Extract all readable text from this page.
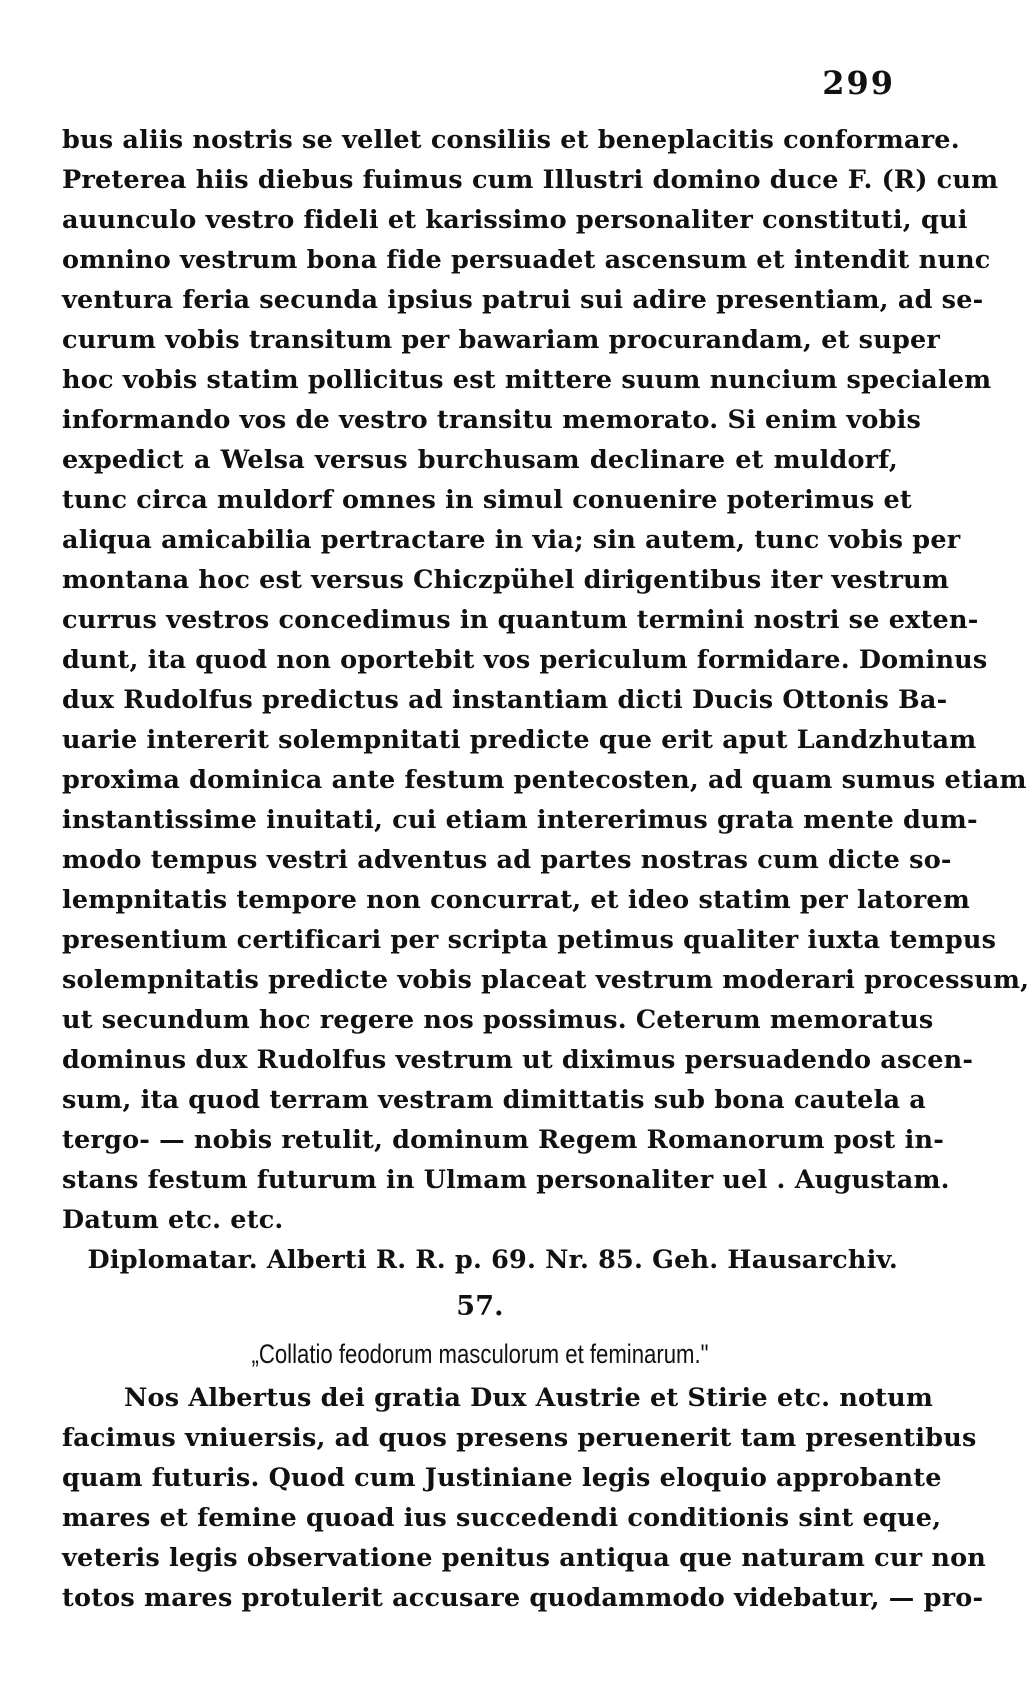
299
bus aliis nostris se vellet consiliis et beneplacitis conformare.
Preterea hiis diebus fuimus cum Illustri domino duce F. (R) cum
auunculo vestro fideli et karissimo personaliter constituti, qui
omnino vestrum bona fide persuadet ascensum et intendit nunc
ventura feria secunda ipsius patrui sui adire presentiam, ad se-
curum vobis transitum per bawariam procurandam, et super
hoc vobis statim pollicitus est mittere suum nuncium specialem
informando vos de vestro transitu memorato. Si enim vobis
expedict a Welsa versus burchusam declinare et muldorf,
tunc circa muldorf omnes in simul conuenire poterimus et
aliqua amicabilia pertractare in via; sin autem, tunc vobis per
montana hoc est versus Chiczpühel dirigentibus iter vestrum
currus vestros concedimus in quantum termini nostri se exten-
dunt, ita quod non oportebit vos periculum formidare. Dominus
dux Rudolfus predictus ad instantiam dicti Ducis Ottonis Ba-
uarie intererit solempnitati predicte que erit aput Landzhutam
proxima dominica ante festum pentecosten, ad quam sumus etiam
instantissime inuitati, cui etiam intererimus grata mente dum-
modo tempus vestri adventus ad partes nostras cum dicte so-
lempnitatis tempore non concurrat, et ideo statim per latorem
presentium certificari per scripta petimus qualiter iuxta tempus
solempnitatis predicte vobis placeat vestrum moderari processum,
ut secundum hoc regere nos possimus. Ceterum memoratus
dominus dux Rudolfus vestrum ut diximus persuadendo ascen-
sum, ita quod terram vestram dimittatis sub bona cautela a
tergo- — nobis retulit, dominum Regem Romanorum post in-
stans festum futurum in Ulmam personaliter uel . Augustam.
Datum etc. etc.
Diplomatar. Alberti R. R. p. 69. Nr. 85. Geh. Hausarchiv.
57.
„Collatio feodorum masculorum et feminarum."
Nos Albertus dei gratia Dux Austrie et Stirie etc. notum
facimus vniuersis, ad quos presens peruenerit tam presentibus
quam futuris. Quod cum Justiniane legis eloquio approbante
mares et femine quoad ius succedendi conditionis sint eque,
veteris legis observatione penitus antiqua que naturam cur non
totos mares protulerit accusare quodammodo videbatur, — pro-
